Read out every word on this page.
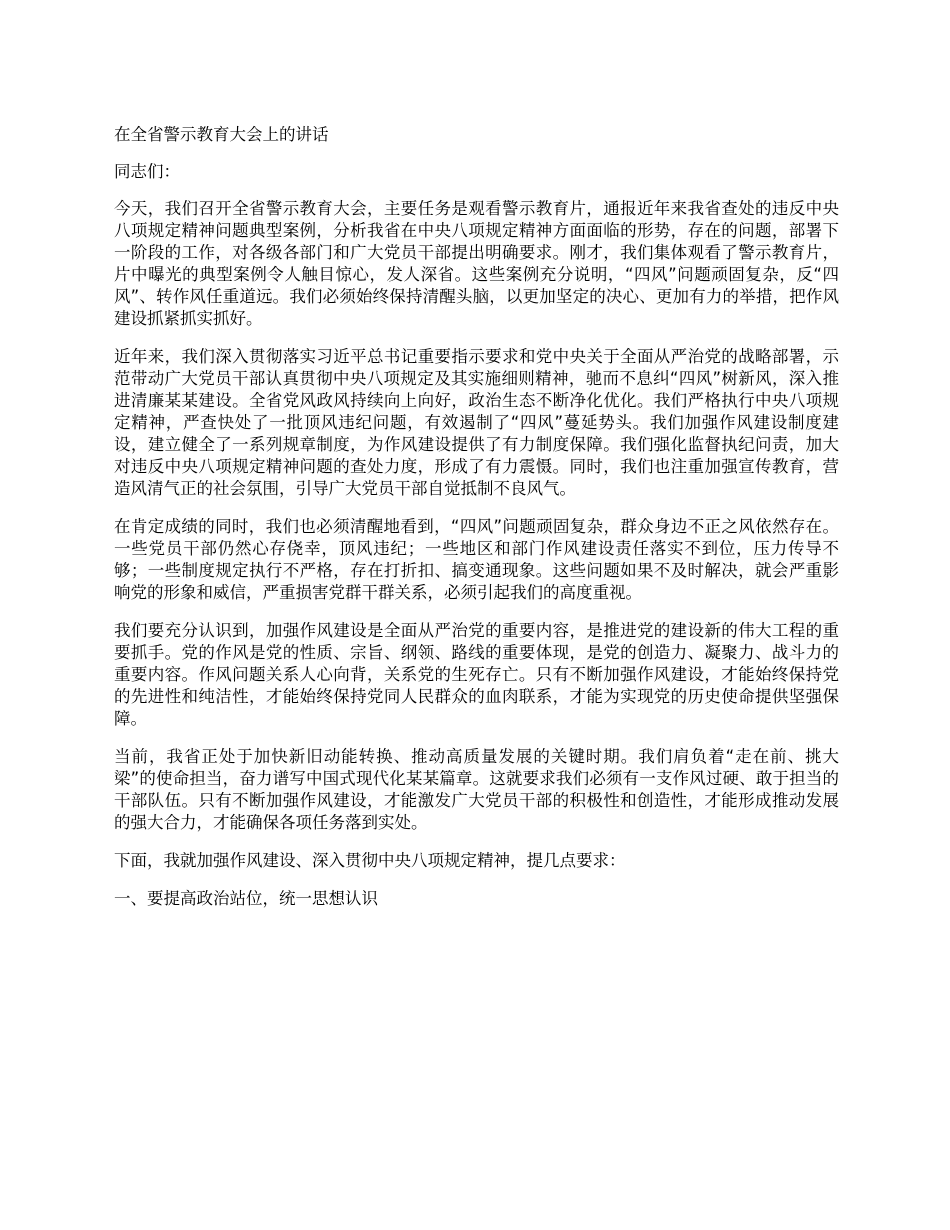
在全省警示教育大会上的讲话

同志们：

今天，我们召开全省警示教育大会，主要任务是观看警示教育片，通报近年来我省查处的违反中央八项规定精神问题典型案例，分析我省在中央八项规定精神方面面临的形势，存在的问题，部署下一阶段的工作，对各级各部门和广大党员干部提出明确要求。刚才，我们集体观看了警示教育片，片中曝光的典型案例令人触目惊心，发人深省。这些案例充分说明，“四风”问题顽固复杂，反“四风”、转作风任重道远。我们必须始终保持清醒头脑，以更加坚定的决心、更加有力的举措，把作风建设抓紧抓实抓好。

近年来，我们深入贯彻落实习近平总书记重要指示要求和党中央关于全面从严治党的战略部署，示范带动广大党员干部认真贯彻中央八项规定及其实施细则精神，驰而不息纠“四风”树新风，深入推进清廉某某建设。全省党风政风持续向上向好，政治生态不断净化优化。我们严格执行中央八项规定精神，严查快处了一批顶风违纪问题，有效遏制了“四风”蔓延势头。我们加强作风建设制度建设，建立健全了一系列规章制度，为作风建设提供了有力制度保障。我们强化监督执纪问责，加大对违反中央八项规定精神问题的查处力度，形成了有力震慑。同时，我们也注重加强宣传教育，营造风清气正的社会氛围，引导广大党员干部自觉抵制不良风气。

在肯定成绩的同时，我们也必须清醒地看到，“四风”问题顽固复杂，群众身边不正之风依然存在。一些党员干部仍然心存侥幸，顶风违纪；一些地区和部门作风建设责任落实不到位，压力传导不够；一些制度规定执行不严格，存在打折扣、搞变通现象。这些问题如果不及时解决，就会严重影响党的形象和威信，严重损害党群干群关系，必须引起我们的高度重视。

我们要充分认识到，加强作风建设是全面从严治党的重要内容，是推进党的建设新的伟大工程的重要抓手。党的作风是党的性质、宗旨、纲领、路线的重要体现，是党的创造力、凝聚力、战斗力的重要内容。作风问题关系人心向背，关系党的生死存亡。只有不断加强作风建设，才能始终保持党的先进性和纯洁性，才能始终保持党同人民群众的血肉联系，才能为实现党的历史使命提供坚强保障。

当前，我省正处于加快新旧动能转换、推动高质量发展的关键时期。我们肩负着“走在前、挑大梁”的使命担当，奋力谱写中国式现代化某某篇章。这就要求我们必须有一支作风过硬、敢于担当的干部队伍。只有不断加强作风建设，才能激发广大党员干部的积极性和创造性，才能形成推动发展的强大合力，才能确保各项任务落到实处。

下面，我就加强作风建设、深入贯彻中央八项规定精神，提几点要求：

一、要提高政治站位，统一思想认识
